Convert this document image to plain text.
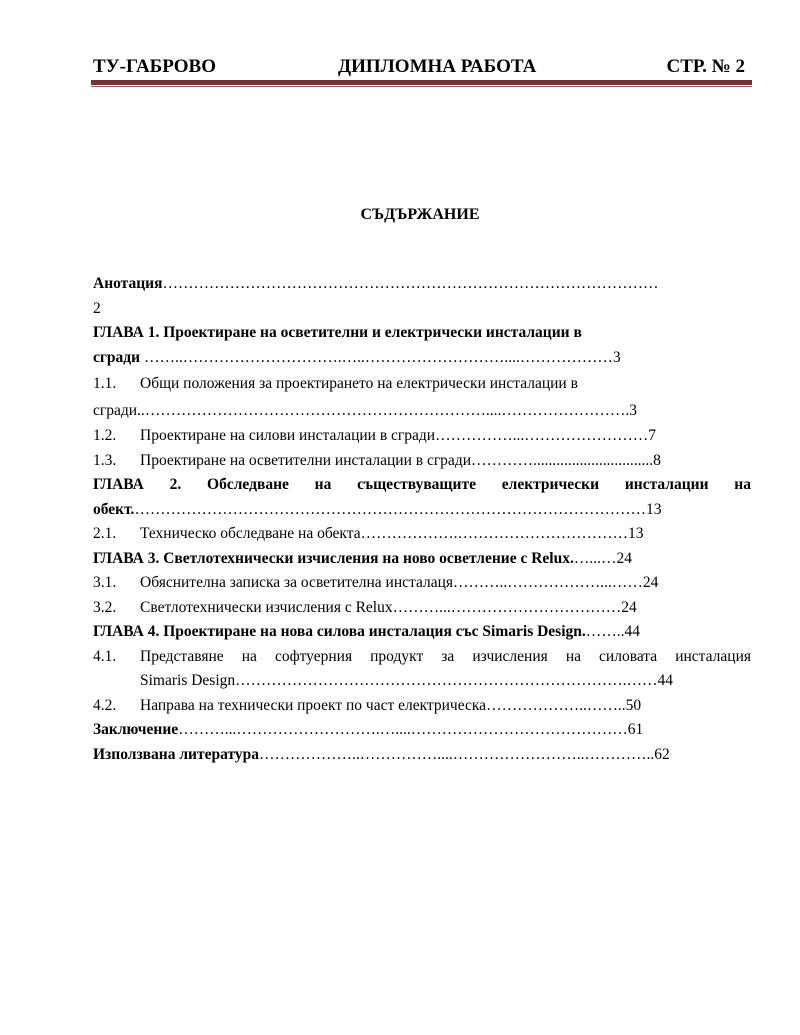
ТУ-ГАБРОВО	ДИПЛОМНА РАБОТА	СТР. № 2
СЪДЪРЖАНИЕ
Анотация……………………………………………………………………………………
2
ГЛАВА 1. Проектиране на осветителни и електрически инсталации в
сгради ……..………………………….…..………………………....………………3
1.1. Общи положения за проектирането на електрически инсталации в
сгради..…………………………………………………………....…………………….3
1.2. Проектиране на силови инсталации в сгради……………...……………………7
1.3. Проектиране на осветителни инсталации в сгради…………...............................8
ГЛАВА 2. Обследване на съществуващите електрически инсталации на
обект.………………………………………………………………………………………13
2.1. Техническо обследване на обекта……………….……………………………13
ГЛАВА 3. Светлотехнически изчисления на ново осветление с Relux.…...…24
3.1. Обяснителна записка за осветителна инсталаця………..………………...……24
3.2. Светлотехнически изчисления с Relux………...……………………………24
ГЛАВА 4. Проектиране на нова силова инсталация със Simaris Design.……..44
4.1. Представяне на софтуерния продукт за изчисления на силовата инсталация
Simaris Design………………………………………………………………….……44
4.2. Направа на технически проект по част електрическа………………..……..50
Заключение………...……………………….…....……………………………………61
Използвана литература………………..……………....……………………..…………..62
